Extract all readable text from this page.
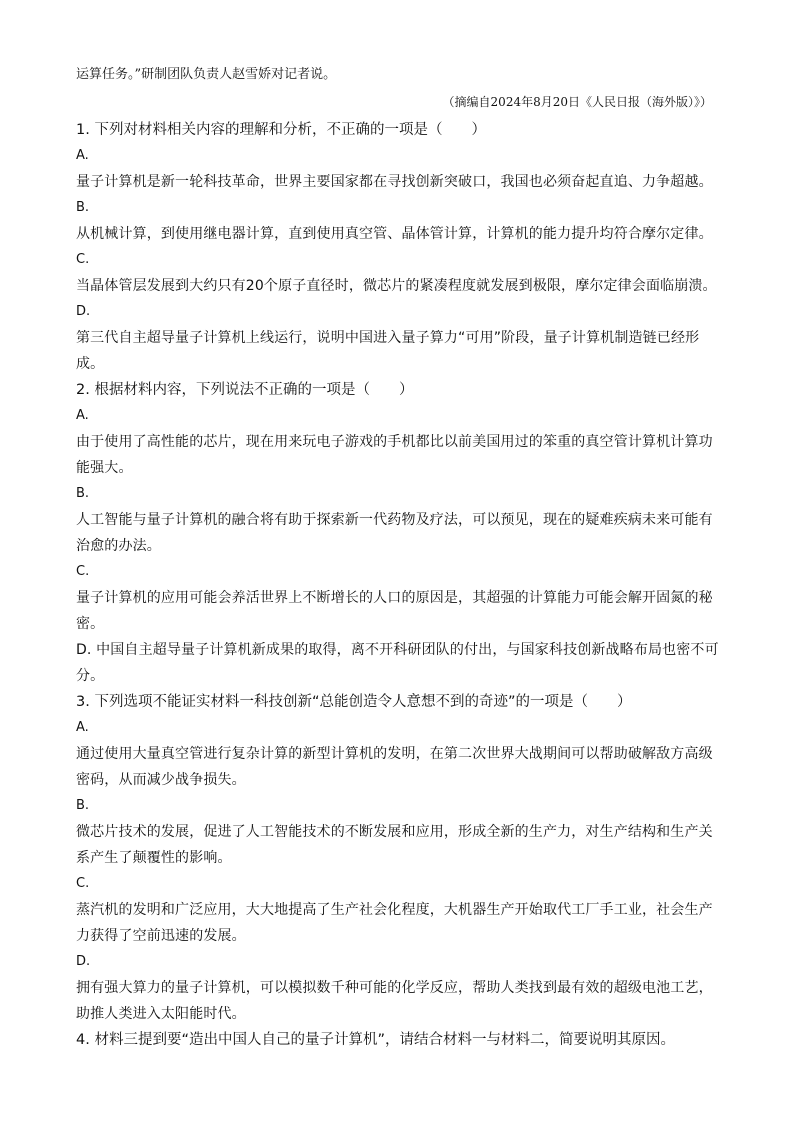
运算任务。”研制团队负责人赵雪娇对记者说。

（摘编自2024年8月20日《人民日报（海外版）》）

1. 下列对材料相关内容的理解和分析，不正确的一项是（　　）

A.

量子计算机是新一轮科技革命，世界主要国家都在寻找创新突破口，我国也必须奋起直追、力争超越。

B.

从机械计算，到使用继电器计算，直到使用真空管、晶体管计算，计算机的能力提升均符合摩尔定律。

C.

当晶体管层发展到大约只有20个原子直径时，微芯片的紧凑程度就发展到极限，摩尔定律会面临崩溃。

D.

第三代自主超导量子计算机上线运行，说明中国进入量子算力“可用”阶段，量子计算机制造链已经形成。

2. 根据材料内容，下列说法不正确的一项是（　　）

A.

由于使用了高性能的芯片，现在用来玩电子游戏的手机都比以前美国用过的笨重的真空管计算机计算功能强大。

B.

人工智能与量子计算机的融合将有助于探索新一代药物及疗法，可以预见，现在的疑难疾病未来可能有治愈的办法。

C.

量子计算机的应用可能会养活世界上不断增长的人口的原因是，其超强的计算能力可能会解开固氮的秘密。

D. 中国自主超导量子计算机新成果的取得，离不开科研团队的付出，与国家科技创新战略布局也密不可分。

3. 下列选项不能证实材料一科技创新“总能创造令人意想不到的奇迹”的一项是（　　）

A.

通过使用大量真空管进行复杂计算的新型计算机的发明，在第二次世界大战期间可以帮助破解敌方高级密码，从而减少战争损失。

B.

微芯片技术的发展，促进了人工智能技术的不断发展和应用，形成全新的生产力，对生产结构和生产关系产生了颠覆性的影响。

C.

蒸汽机的发明和广泛应用，大大地提高了生产社会化程度，大机器生产开始取代工厂手工业，社会生产力获得了空前迅速的发展。

D.

拥有强大算力的量子计算机，可以模拟数千种可能的化学反应，帮助人类找到最有效的超级电池工艺，助推人类进入太阳能时代。

4. 材料三提到要“造出中国人自己的量子计算机”，请结合材料一与材料二，简要说明其原因。
